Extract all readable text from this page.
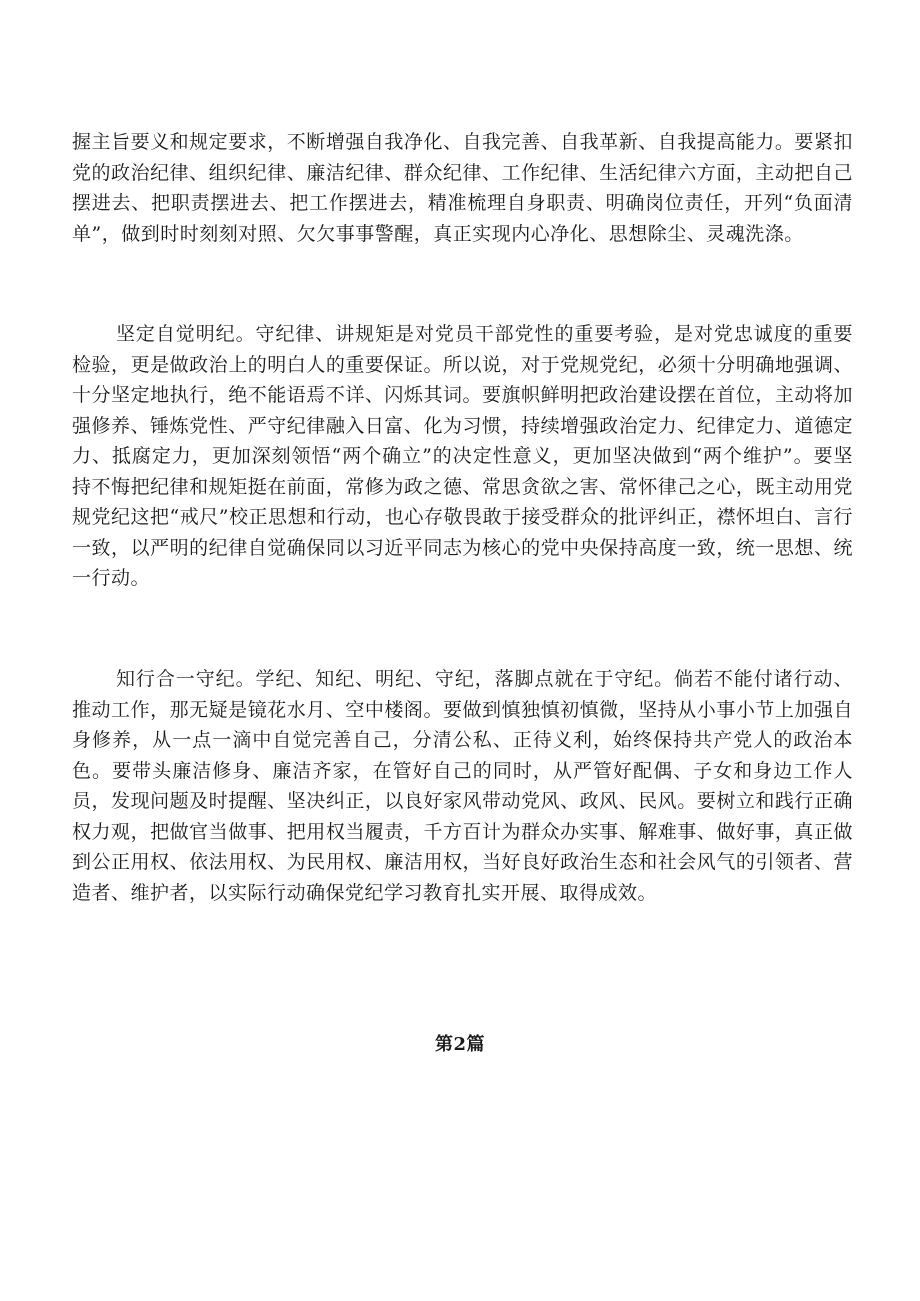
握主旨要义和规定要求，不断增强自我净化、自我完善、自我革新、自我提高能力。要紧扣党的政治纪律、组织纪律、廉洁纪律、群众纪律、工作纪律、生活纪律六方面，主动把自己摆进去、把职责摆进去、把工作摆进去，精准梳理自身职责、明确岗位责任，开列“负面清单”，做到时时刻刻对照、欠欠事事警醒，真正实现内心净化、思想除尘、灵魂洗涤。

坚定自觉明纪。守纪律、讲规矩是对党员干部党性的重要考验，是对党忠诚度的重要检验，更是做政治上的明白人的重要保证。所以说，对于党规党纪，必须十分明确地强调、十分坚定地执行，绝不能语焉不详、闪烁其词。要旗帜鲜明把政治建设摆在首位，主动将加强修养、锤炼党性、严守纪律融入日富、化为习惯，持续增强政治定力、纪律定力、道德定力、抵腐定力，更加深刻领悟“两个确立”的决定性意义，更加坚决做到“两个维护”。要坚持不悔把纪律和规矩挺在前面，常修为政之德、常思贪欲之害、常怀律己之心，既主动用党规党纪这把“戒尺”校正思想和行动，也心存敬畏敢于接受群众的批评纠正，襟怀坦白、言行一致，以严明的纪律自觉确保同以习近平同志为核心的党中央保持高度一致，统一思想、统一行动。

知行合一守纪。学纪、知纪、明纪、守纪，落脚点就在于守纪。倘若不能付诸行动、推动工作，那无疑是镜花水月、空中楼阁。要做到慎独慎初慎微，坚持从小事小节上加强自身修养，从一点一滴中自觉完善自己，分清公私、正待义利，始终保持共产党人的政治本色。要带头廉洁修身、廉洁齐家，在管好自己的同时，从严管好配偶、子女和身边工作人员，发现问题及时提醒、坚决纠正，以良好家风带动党风、政风、民风。要树立和践行正确权力观，把做官当做事、把用权当履责，千方百计为群众办实事、解难事、做好事，真正做到公正用权、依法用权、为民用权、廉洁用权，当好良好政治生态和社会风气的引领者、营造者、维护者，以实际行动确保党纪学习教育扎实开展、取得成效。

第2篇
